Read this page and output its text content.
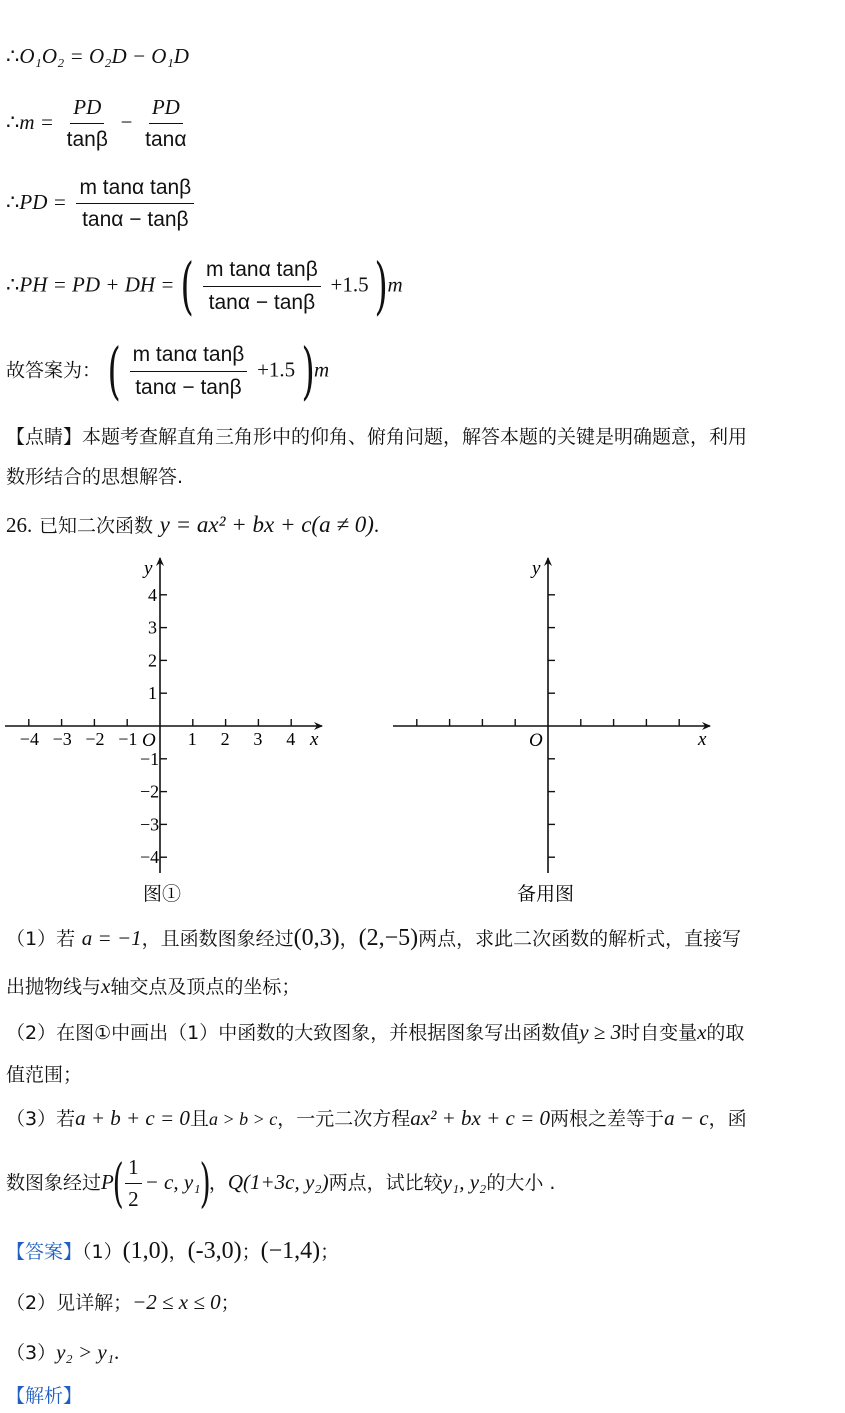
∴O₁O₂ = O₂D − O₁D
∴m = $\frac{PD}{\tan\beta} - \frac{PD}{\tan\alpha}$
∴PD = $\frac{\text{m tanα tanβ}}{\tan\alpha - \tan\beta}$
∴PH = PD + DH = ( $\frac{\text{m tanα tanβ}}{\tan\alpha - \tan\beta} +1.5$ )m
故答案为： ( $\frac{\text{m tanα tanβ}}{\tan\alpha - \tan\beta} +1.5$ )m
【点睛】本题考查解直角三角形中的仰角、俯角问题，解答本题的关键是明确题意，利用
数形结合的思想解答.
26. 已知二次函数 y = ax² + bx + c(a ≠ 0).
−4 −3 −2 −1	1 2 3 4
4
3
2
1
−1
−2
−3
−4
y
x
O
图①
y
x
O
备用图
（1）若 a = −1，且函数图象经过(0,3)，(2,−5)两点，求此二次函数的解析式，直接写
出抛物线与x轴交点及顶点的坐标；
（2）在图①中画出（1）中函数的大致图象，并根据图象写出函数值y ≥ 3时自变量x的取
值范围；
（3）若a + b + c = 0且a > b > c，一元二次方程ax² + bx + c = 0两根之差等于a − c，函
数图象经过$P( \frac{1}{2} - c$, y₁)，Q(1+3c, y₂)两点，试比较y₁, y₂的大小 .
【答案】（1）(1,0)，(-3,0)；(−1,4)；
（2）见详解；−2 ≤ x ≤ 0；
（3）y₂ > y₁.
【解析】
